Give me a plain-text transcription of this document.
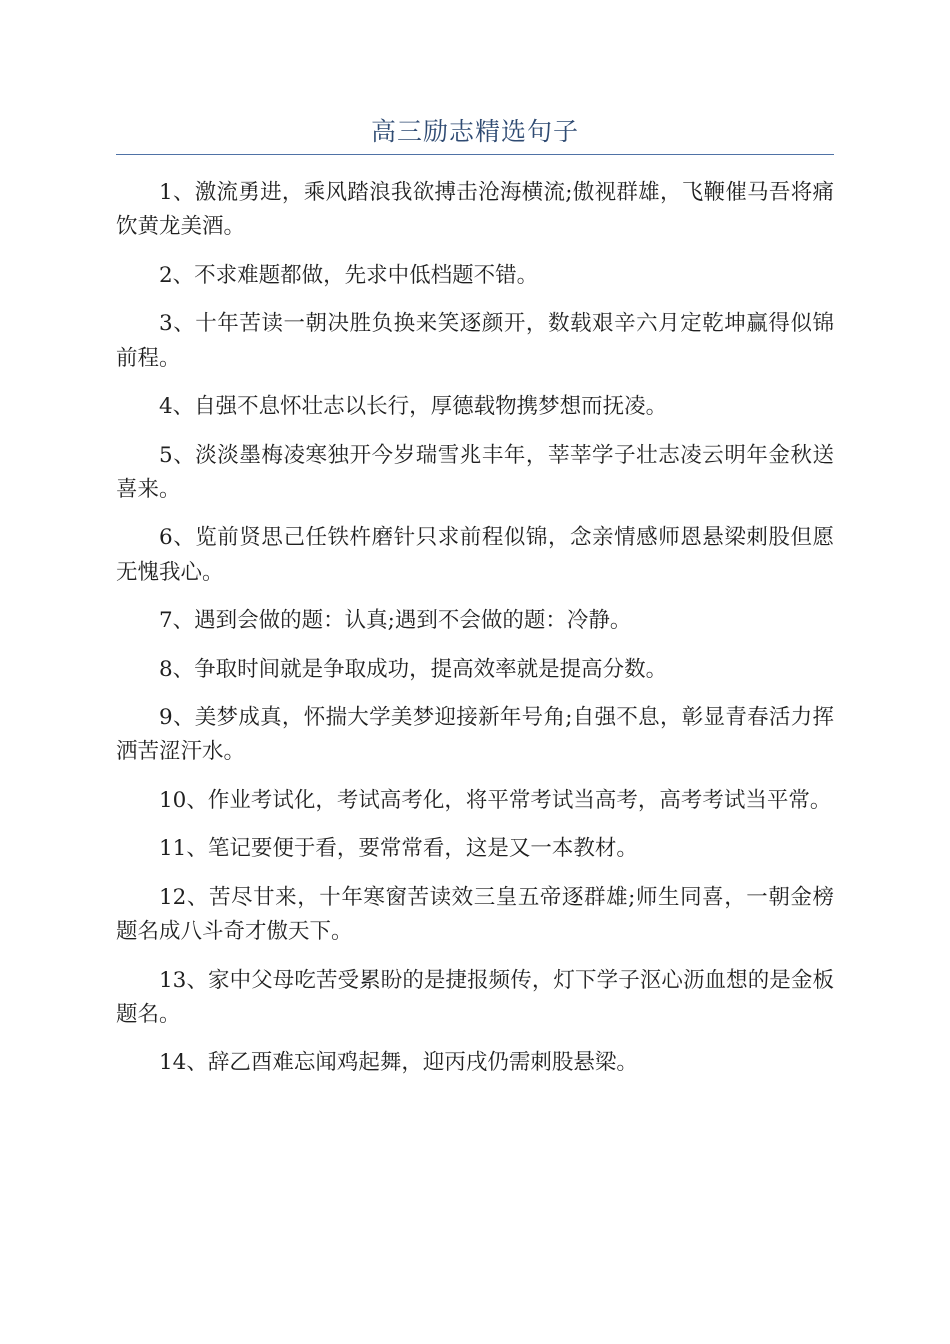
高三励志精选句子

1、激流勇进，乘风踏浪我欲搏击沧海横流;傲视群雄，飞鞭催马吾将痛饮黄龙美酒。

2、不求难题都做，先求中低档题不错。

3、十年苦读一朝决胜负换来笑逐颜开，数载艰辛六月定乾坤赢得似锦前程。

4、自强不息怀壮志以长行，厚德载物携梦想而抚凌。

5、淡淡墨梅凌寒独开今岁瑞雪兆丰年，莘莘学子壮志凌云明年金秋送喜来。

6、览前贤思己任铁杵磨针只求前程似锦，念亲情感师恩悬梁刺股但愿无愧我心。

7、遇到会做的题：认真;遇到不会做的题：冷静。

8、争取时间就是争取成功，提高效率就是提高分数。

9、美梦成真，怀揣大学美梦迎接新年号角;自强不息，彰显青春活力挥洒苦涩汗水。

10、作业考试化，考试高考化，将平常考试当高考，高考考试当平常。

11、笔记要便于看，要常常看，这是又一本教材。

12、苦尽甘来，十年寒窗苦读效三皇五帝逐群雄;师生同喜，一朝金榜题名成八斗奇才傲天下。

13、家中父母吃苦受累盼的是捷报频传，灯下学子沤心沥血想的是金板题名。

14、辞乙酉难忘闻鸡起舞，迎丙戌仍需刺股悬梁。
